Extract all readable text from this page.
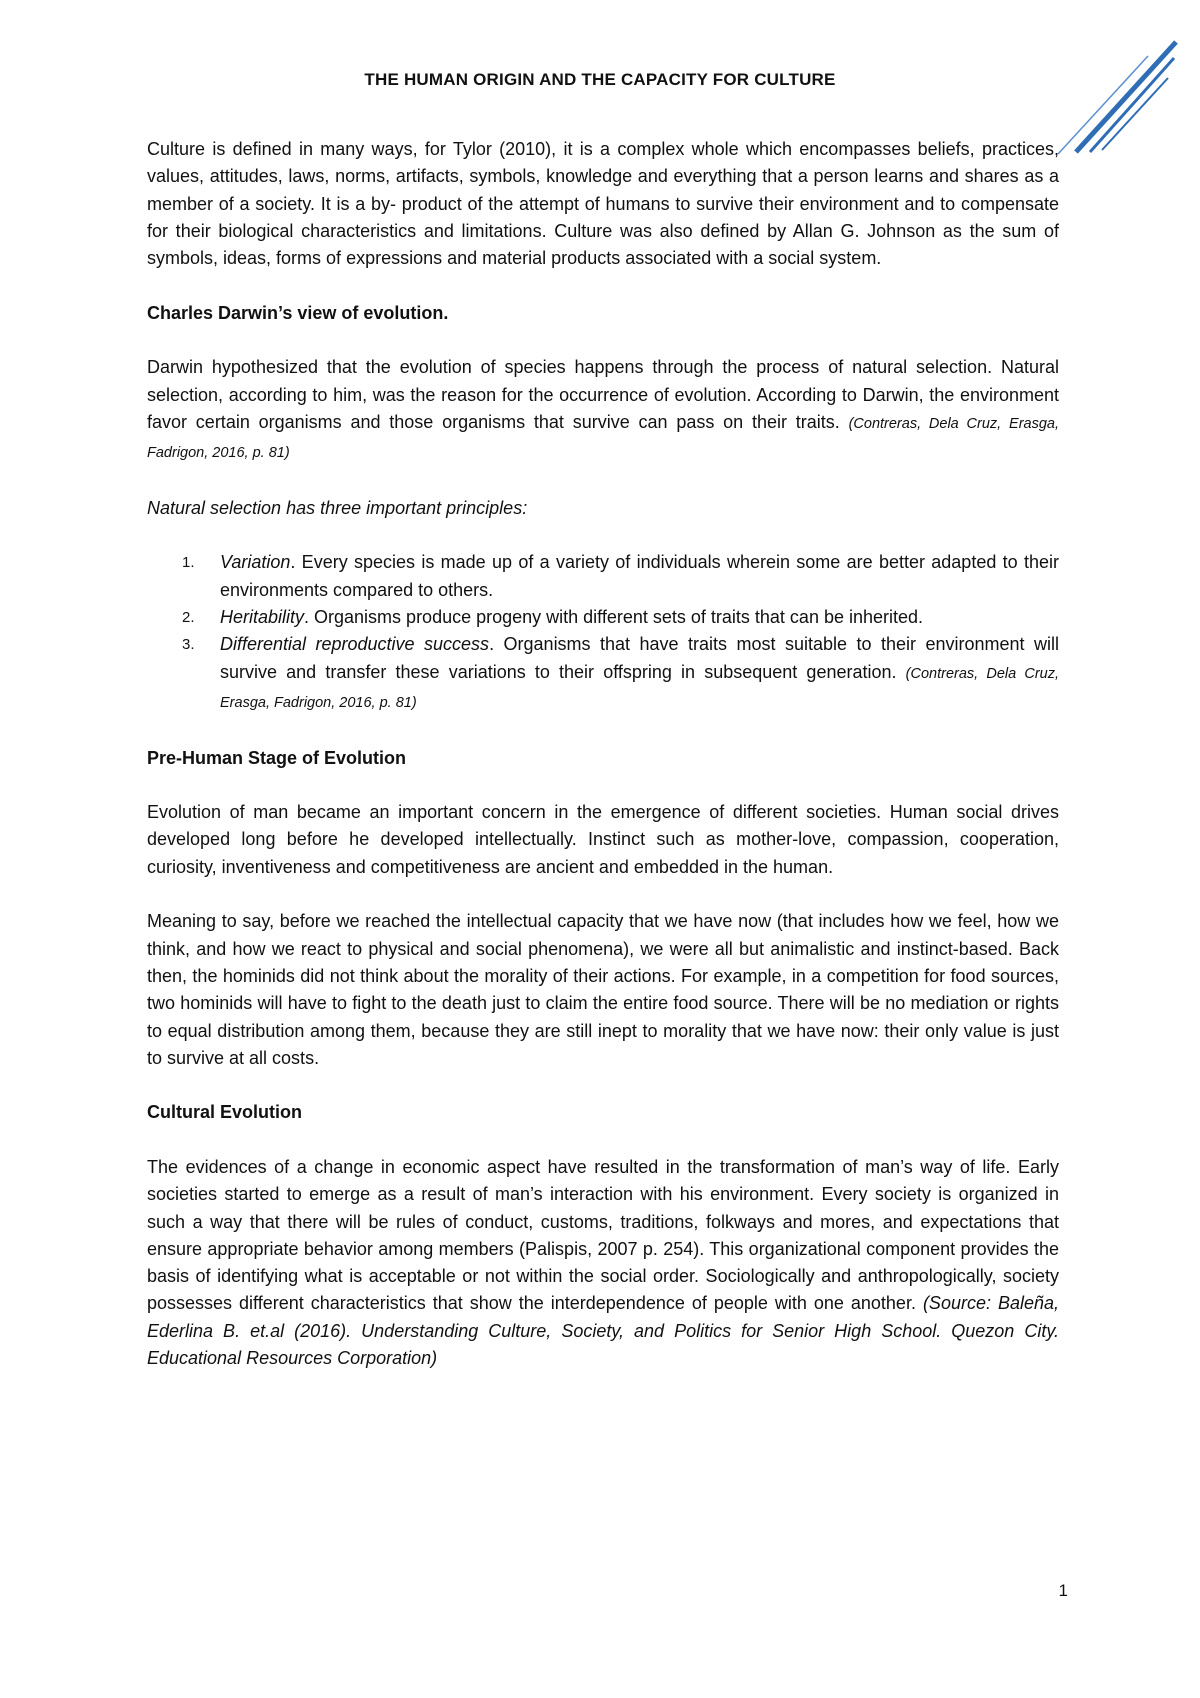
THE HUMAN ORIGIN AND THE CAPACITY FOR CULTURE

Culture is defined in many ways, for Tylor (2010), it is a complex whole which encompasses beliefs, practices, values, attitudes, laws, norms, artifacts, symbols, knowledge and everything that a person learns and shares as a member of a society. It is a by- product of the attempt of humans to survive their environment and to compensate for their biological characteristics and limitations. Culture was also defined by Allan G. Johnson as the sum of symbols, ideas, forms of expressions and material products associated with a social system.

Charles Darwin’s view of evolution.

Darwin hypothesized that the evolution of species happens through the process of natural selection. Natural selection, according to him, was the reason for the occurrence of evolution. According to Darwin, the environment favor certain organisms and those organisms that survive can pass on their traits. (Contreras, Dela Cruz, Erasga, Fadrigon, 2016, p. 81)

Natural selection has three important principles:

1. Variation. Every species is made up of a variety of individuals wherein some are better adapted to their environments compared to others.
2. Heritability. Organisms produce progeny with different sets of traits that can be inherited.
3. Differential reproductive success. Organisms that have traits most suitable to their environment will survive and transfer these variations to their offspring in subsequent generation. (Contreras, Dela Cruz, Erasga, Fadrigon, 2016, p. 81)
Pre-Human Stage of Evolution

Evolution of man became an important concern in the emergence of different societies. Human social drives developed long before he developed intellectually. Instinct such as mother-love, compassion, cooperation, curiosity, inventiveness and competitiveness are ancient and embedded in the human.

Meaning to say, before we reached the intellectual capacity that we have now (that includes how we feel, how we think, and how we react to physical and social phenomena), we were all but animalistic and instinct-based. Back then, the hominids did not think about the morality of their actions. For example, in a competition for food sources, two hominids will have to fight to the death just to claim the entire food source. There will be no mediation or rights to equal distribution among them, because they are still inept to morality that we have now: their only value is just to survive at all costs.

Cultural Evolution

The evidences of a change in economic aspect have resulted in the transformation of man’s way of life. Early societies started to emerge as a result of man’s interaction with his environment. Every society is organized in such a way that there will be rules of conduct, customs, traditions, folkways and mores, and expectations that ensure appropriate behavior among members (Palispis, 2007 p. 254). This organizational component provides the basis of identifying what is acceptable or not within the social order. Sociologically and anthropologically, society possesses different characteristics that show the interdependence of people with one another. (Source: Baleña, Ederlina B. et.al (2016). Understanding Culture, Society, and Politics for Senior High School. Quezon City. Educational Resources Corporation)

1
